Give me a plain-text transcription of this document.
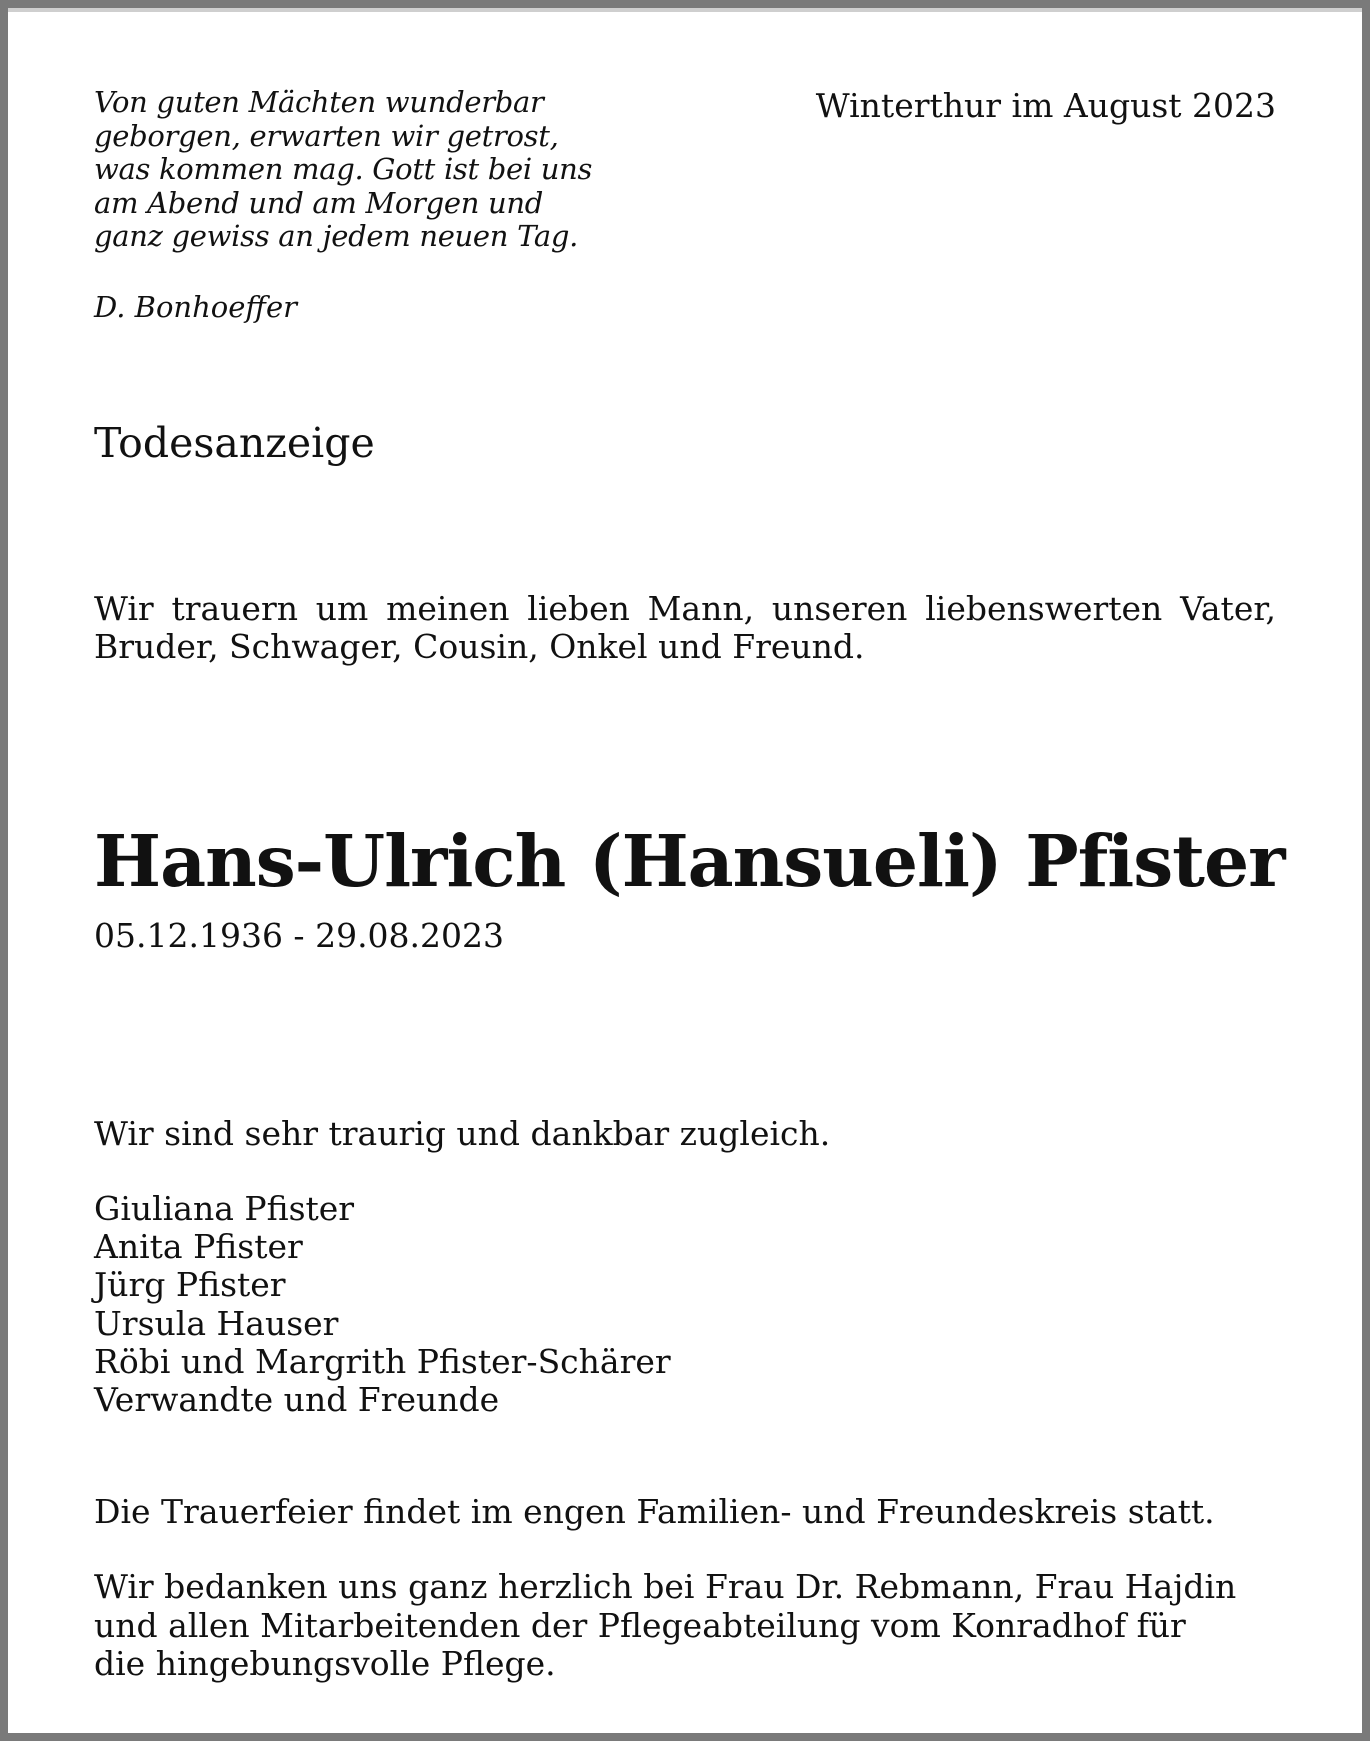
Von guten Mächten wunderbar
geborgen, erwarten wir getrost,
was kommen mag. Gott ist bei uns
am Abend und am Morgen und
ganz gewiss an jedem neuen Tag.
D. Bonhoeffer
Winterthur im August 2023
Todesanzeige
Wir trauern um meinen lieben Mann, unseren liebenswerten Vater,
Bruder, Schwager, Cousin, Onkel und Freund.
Hans-Ulrich (Hansueli) Pfister
05.12.1936 - 29.08.2023
Wir sind sehr traurig und dankbar zugleich.
Giuliana Pfister
Anita Pfister
Jürg Pfister
Ursula Hauser
Röbi und Margrith Pfister-Schärer
Verwandte und Freunde
Die Trauerfeier findet im engen Familien- und Freundeskreis statt.
Wir bedanken uns ganz herzlich bei Frau Dr. Rebmann, Frau Hajdin
und allen Mitarbeitenden der Pflegeabteilung vom Konradhof für
die hingebungsvolle Pflege.
